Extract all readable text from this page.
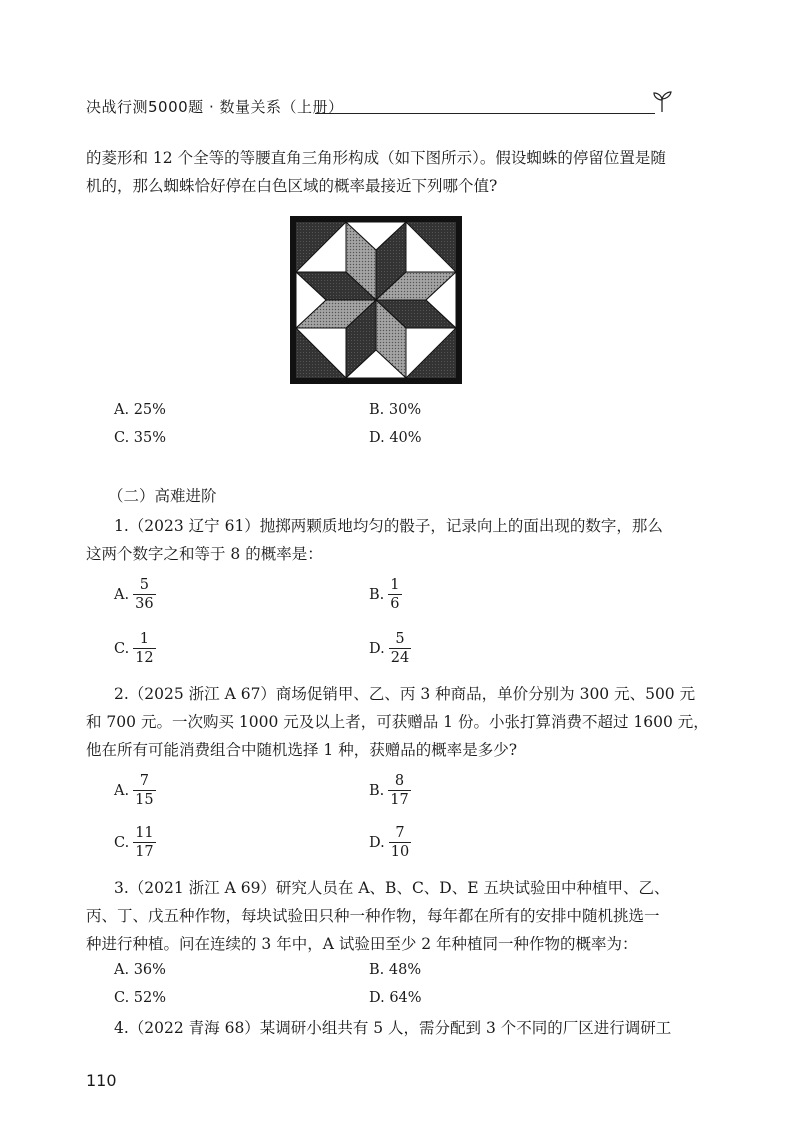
决战行测5000题 · 数量关系（上册）
的菱形和 12 个全等的等腰直角三角形构成（如下图所示）。假设蜘蛛的停留位置是随
机的，那么蜘蛛恰好停在白色区域的概率最接近下列哪个值?
A. 25%	B. 30%
C. 35%	D. 40%
（二）高难进阶
1.（2023 辽宁 61）抛掷两颗质地均匀的骰子，记录向上的面出现的数字，那么
这两个数字之和等于 8 的概率是：
A. $\frac{5}{36}$	B. $\frac{1}{6}$
C. $\frac{1}{12}$	D. $\frac{5}{24}$
2.（2025 浙江 A 67）商场促销甲、乙、丙 3 种商品，单价分别为 300 元、500 元
和 700 元。一次购买 1000 元及以上者，可获赠品 1 份。小张打算消费不超过 1600 元，
他在所有可能消费组合中随机选择 1 种，获赠品的概率是多少?
A. $\frac{7}{15}$	B. $\frac{8}{17}$
C. $\frac{11}{17}$	D. $\frac{7}{10}$
3.（2021 浙江 A 69）研究人员在 A、B、C、D、E 五块试验田中种植甲、乙、
丙、丁、戊五种作物，每块试验田只种一种作物，每年都在所有的安排中随机挑选一
种进行种植。问在连续的 3 年中，A 试验田至少 2 年种植同一种作物的概率为：
A. 36%	B. 48%
C. 52%	D. 64%
4.（2022 青海 68）某调研小组共有 5 人，需分配到 3 个不同的厂区进行调研工
110
